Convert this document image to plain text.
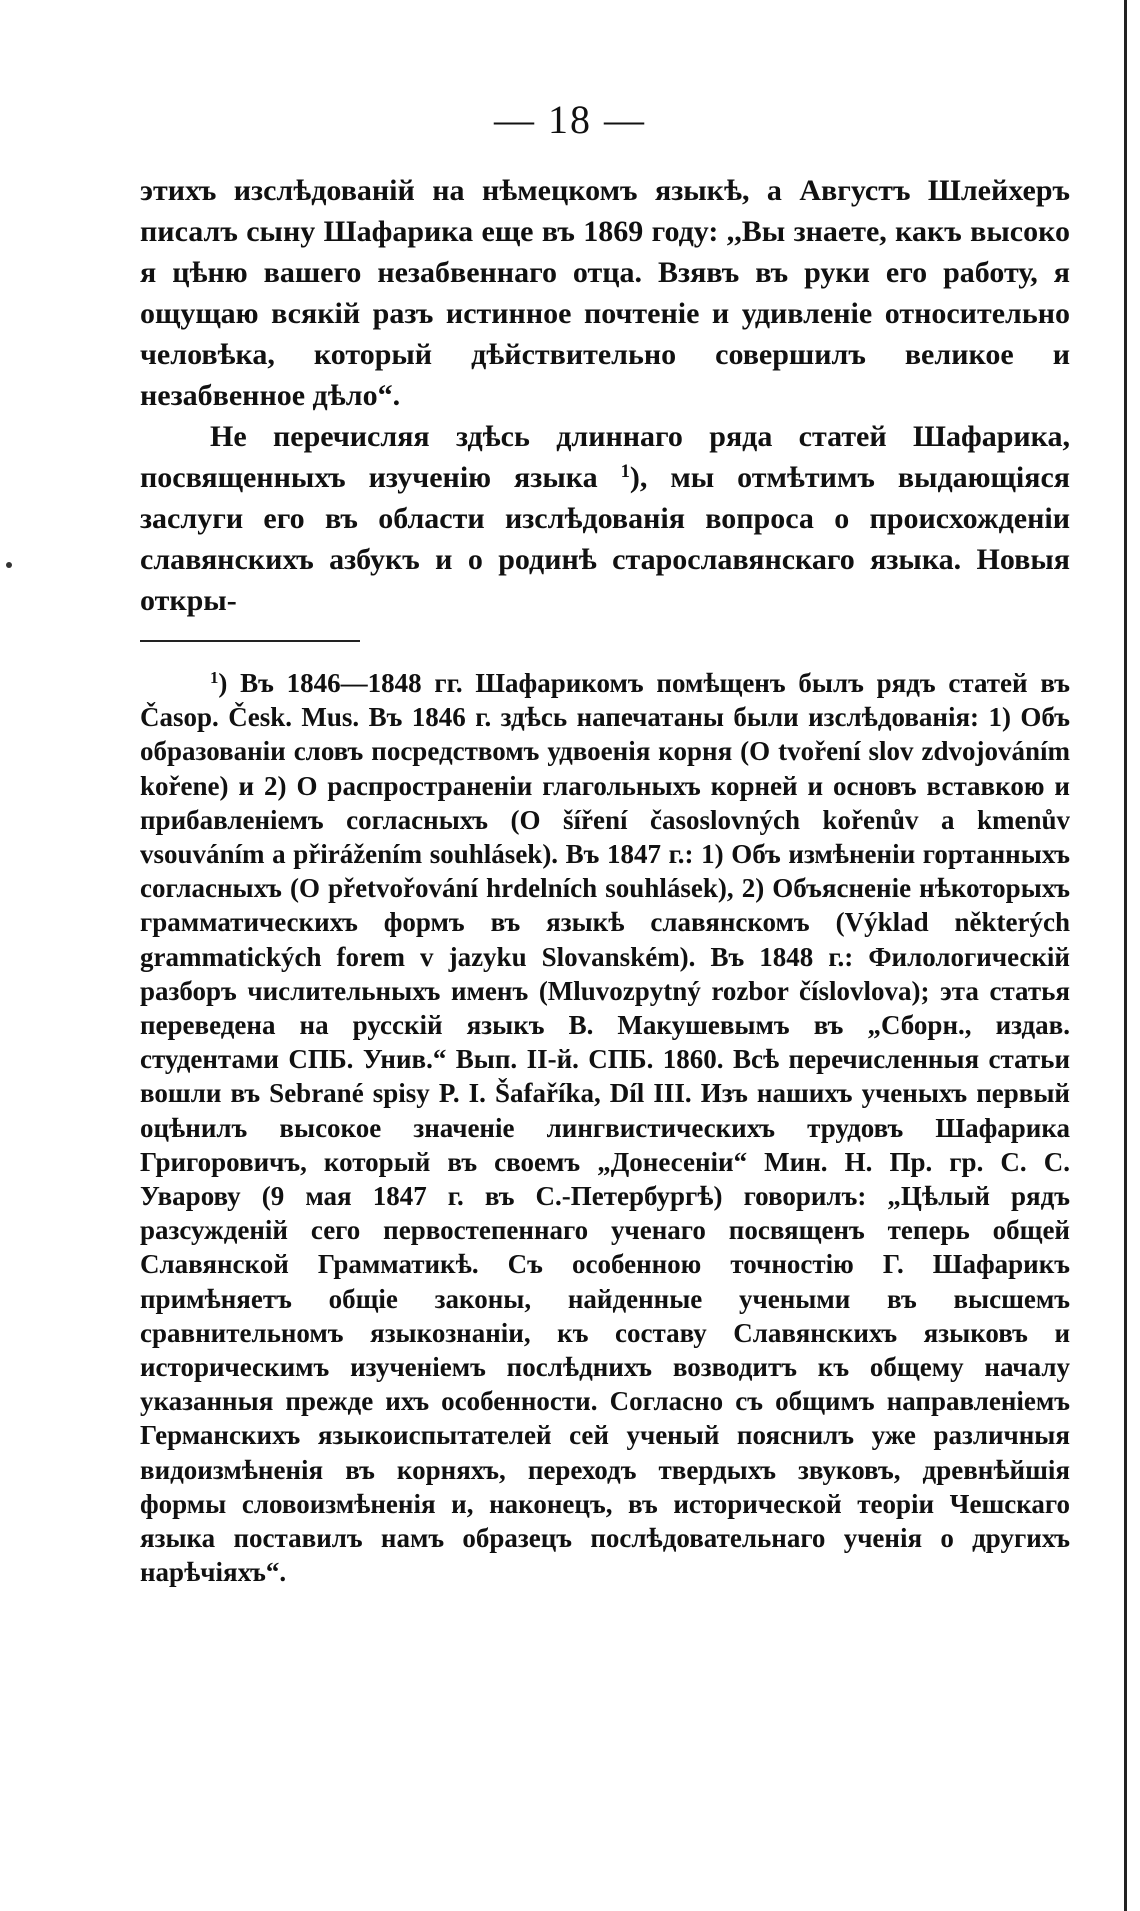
— 18 —

этихъ изслѣдованій на нѣмецкомъ языкѣ, а Августъ Шлейхеръ писалъ сыну Шафарика еще въ 1869 году: ,,Вы знаете, какъ высоко я цѣню вашего незабвеннаго отца. Взявъ въ руки его работу, я ощущаю всякій разъ истинное почтеніе и удивленіе относительно человѣка, который дѣйствительно совершилъ великое и незабвенное дѣло“.

Не перечисляя здѣсь длиннаго ряда статей Шафарика, посвященныхъ изученію языка $^1$), мы отмѣтимъ выдающіяся заслуги его въ области изслѣдованія вопроса о происхожденіи славянскихъ азбукъ и о родинѣ старославянскаго языка. Новыя откры-

$^1$) Въ 1846—1848 гг. Шафарикомъ помѣщенъ былъ рядъ статей въ Časop. Česk. Mus. Въ 1846 г. здѣсь напечатаны были изслѣдованія: 1) Объ образованіи словъ посредствомъ удвоенія корня (O tvoření slov zdvojováním kořene) и 2) О распространеніи глагольныхъ корней и основъ вставкою и прибавленіемъ согласныхъ (O šíření časoslovných kořenův a kmenův vsouváním a přirážením souhlásek). Въ 1847 г.: 1) Объ измѣненіи гортанныхъ согласныхъ (O přetvořování hrdelních souhlásek), 2) Объясненіе нѣкоторыхъ грамматическихъ формъ въ языкѣ славянскомъ (Výklad některých grammatických forem v jazyku Slovanském). Въ 1848 г.: Филологическій разборъ числительныхъ именъ (Mluvozpytný rozbor číslovlova); эта статья переведена на русскій языкъ В. Макушевымъ въ „Сборн., издав. студентами СПБ. Унив.“ Вып. II-й. СПБ. 1860. Всѣ перечисленныя статьи вошли въ Sebrané spisy P. I. Šafaříka, Díl III. Изъ нашихъ ученыхъ первый оцѣнилъ высокое значеніе лингвистическихъ трудовъ Шафарика Григоровичъ, который въ своемъ „Донесеніи“ Мин. Н. Пр. гр. С. С. Уварову (9 мая 1847 г. въ С.-Петербургѣ) говорилъ: „Цѣлый рядъ разсужденій сего первостепеннаго ученаго посвященъ теперь общей Славянской Грамматикѣ. Съ особенною точностію Г. Шафарикъ примѣняетъ общіе законы, найденные учеными въ высшемъ сравнительномъ языкознаніи, къ составу Славянскихъ языковъ и историческимъ изученіемъ послѣднихъ возводитъ къ общему началу указанныя прежде ихъ особенности. Согласно съ общимъ направленіемъ Германскихъ языкоиспытателей сей ученый пояснилъ уже различныя видоизмѣненія въ корняхъ, переходъ твердыхъ звуковъ, древнѣйшія формы словоизмѣненія и, наконецъ, въ исторической теоріи Чешскаго языка поставилъ намъ образецъ послѣдовательнаго ученія о другихъ нарѣчіяхъ“.
